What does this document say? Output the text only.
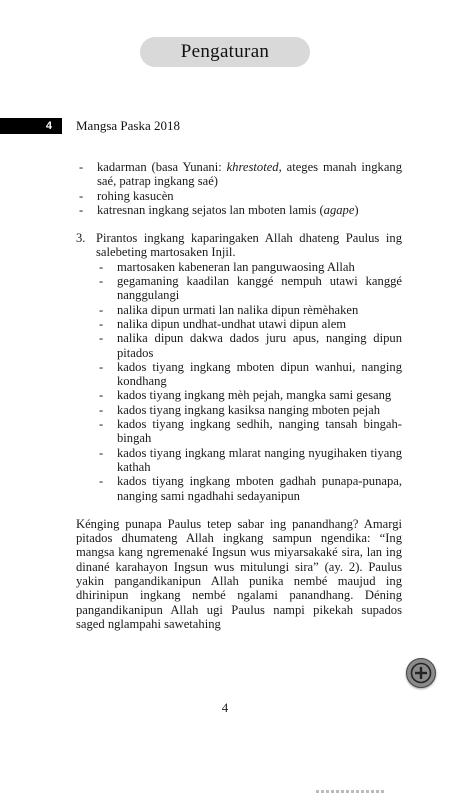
Pengaturan
4 Mangsa Paska 2018
- kadarman (basa Yunani: khrestoted, ateges manah ingkang saé, patrap ingkang saé)
- rohing kasucèn
- katresnan ingkang sejatos lan mboten lamis (agape)
3. Pirantos ingkang kaparingaken Allah dhateng Paulus ing salebeting martosaken Injil.
- martosaken kabeneran lan panguwaosing Allah
- gegamaning kaadilan kanggé nempuh utawi kanggé nanggulangi
- nalika dipun urmati lan nalika dipun rèmèhaken
- nalika dipun undhat-undhat utawi dipun alem
- nalika dipun dakwa dados juru apus, nanging dipun pitados
- kados tiyang ingkang mboten dipun wanhui, nanging kondhang
- kados tiyang ingkang mèh pejah, mangka sami gesang
- kados tiyang ingkang kasiksa nanging mboten pejah
- kados tiyang ingkang sedhih, nanging tansah bingah-bingah
- kados tiyang ingkang mlarat nanging nyugihaken tiyang kathah
- kados tiyang ingkang mboten gadhah punapa-punapa, nanging sami ngadhahi sedayanipun
Kénging punapa Paulus tetep sabar ing panandhang? Amargi pitados dhumateng Allah ingkang sampun ngendika: “Ing mangsa kang ngremenaké Ingsun wus miyarsakaké sira, lan ing dinané karahayon Ingsun wus mitulungi sira” (ay. 2). Paulus yakin pangandikanipun Allah punika nembé maujud ing dhirinipun ingkang nembé ngalami panandhang. Déning pangandikanipun Allah ugi Paulus nampi pikekah supados saged nglampahi sawetahing
4
